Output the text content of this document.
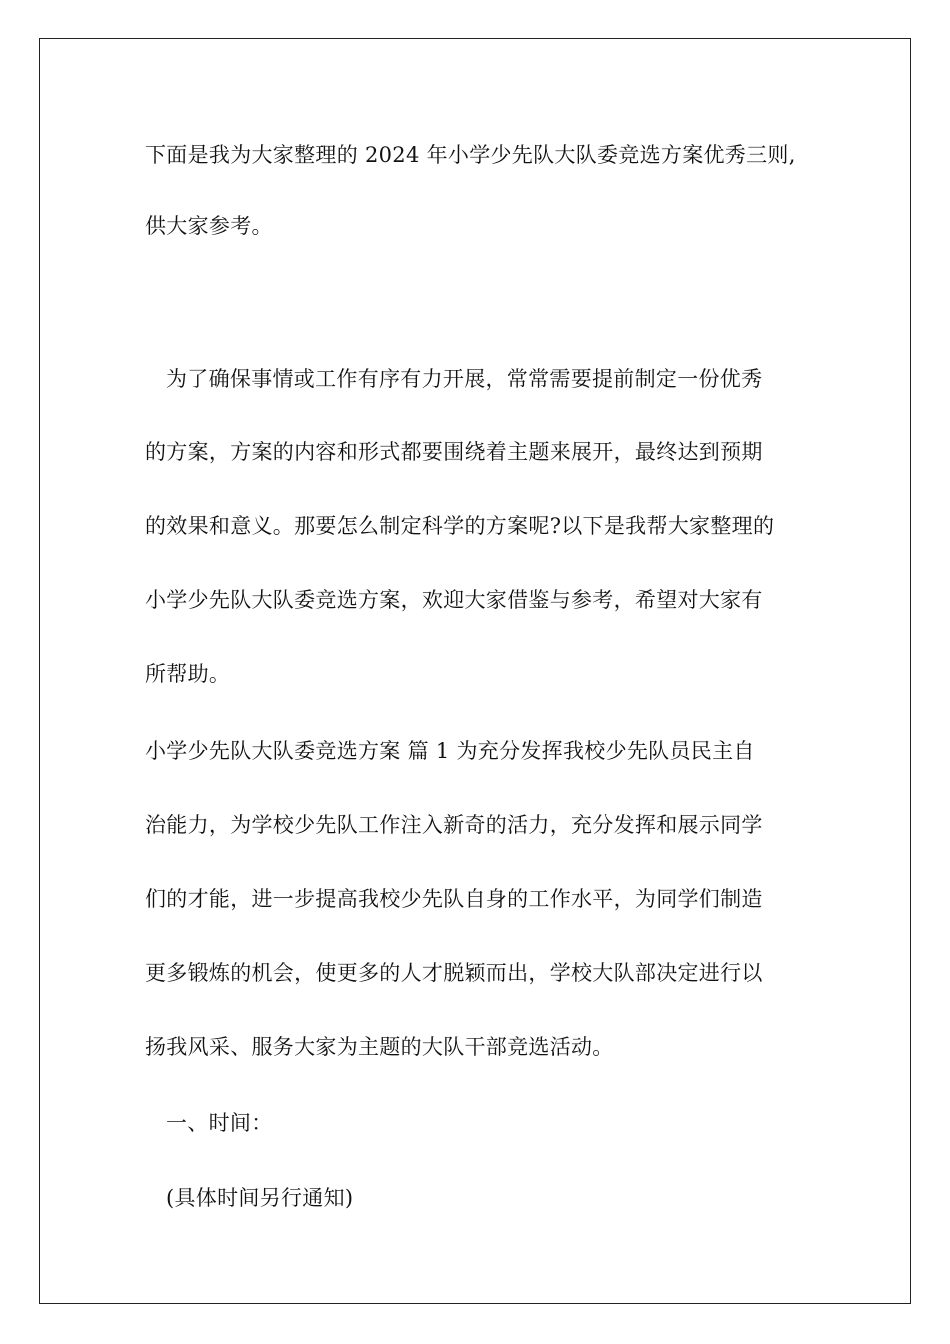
下面是我为大家整理的 2024 年小学少先队大队委竞选方案优秀三则,
供大家参考。
为了确保事情或工作有序有力开展，常常需要提前制定一份优秀
的方案，方案的内容和形式都要围绕着主题来展开，最终达到预期
的效果和意义。那要怎么制定科学的方案呢?以下是我帮大家整理的
小学少先队大队委竞选方案，欢迎大家借鉴与参考，希望对大家有
所帮助。
小学少先队大队委竞选方案 篇 1 为充分发挥我校少先队员民主自
治能力，为学校少先队工作注入新奇的活力，充分发挥和展示同学
们的才能，进一步提高我校少先队自身的工作水平，为同学们制造
更多锻炼的机会，使更多的人才脱颖而出，学校大队部决定进行以
扬我风采、服务大家为主题的大队干部竞选活动。
一、时间：
(具体时间另行通知)
